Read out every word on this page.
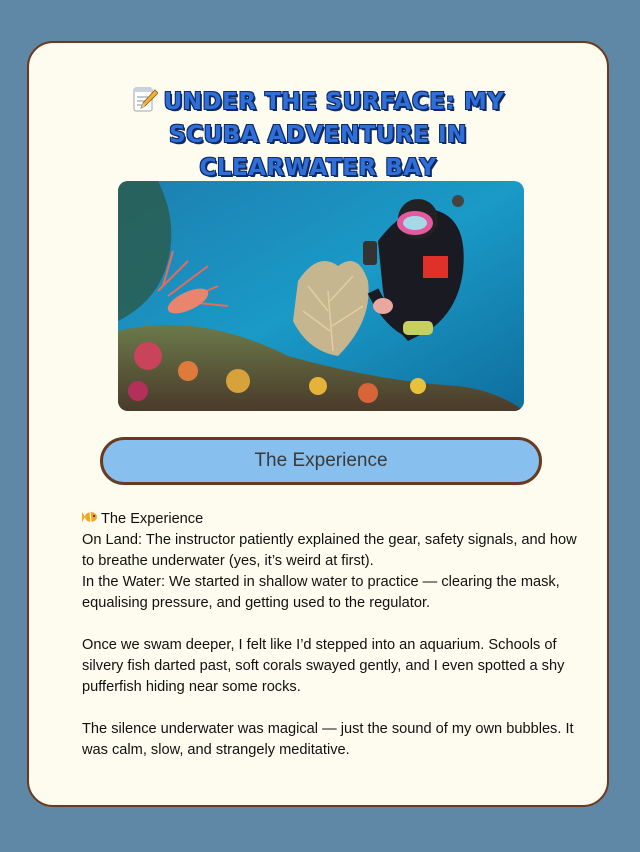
UNDER THE SURFACE: MY SCUBA ADVENTURE IN CLEARWATER BAY
The Experience

The Experience

On Land: The instructor patiently explained the gear, safety signals, and how to breathe underwater (yes, it’s weird at first).

In the Water: We started in shallow water to practice — clearing the mask, equalising pressure, and getting used to the regulator.

Once we swam deeper, I felt like I’d stepped into an aquarium. Schools of silvery fish darted past, soft corals swayed gently, and I even spotted a shy pufferfish hiding near some rocks.

The silence underwater was magical — just the sound of my own bubbles. It was calm, slow, and strangely meditative.
